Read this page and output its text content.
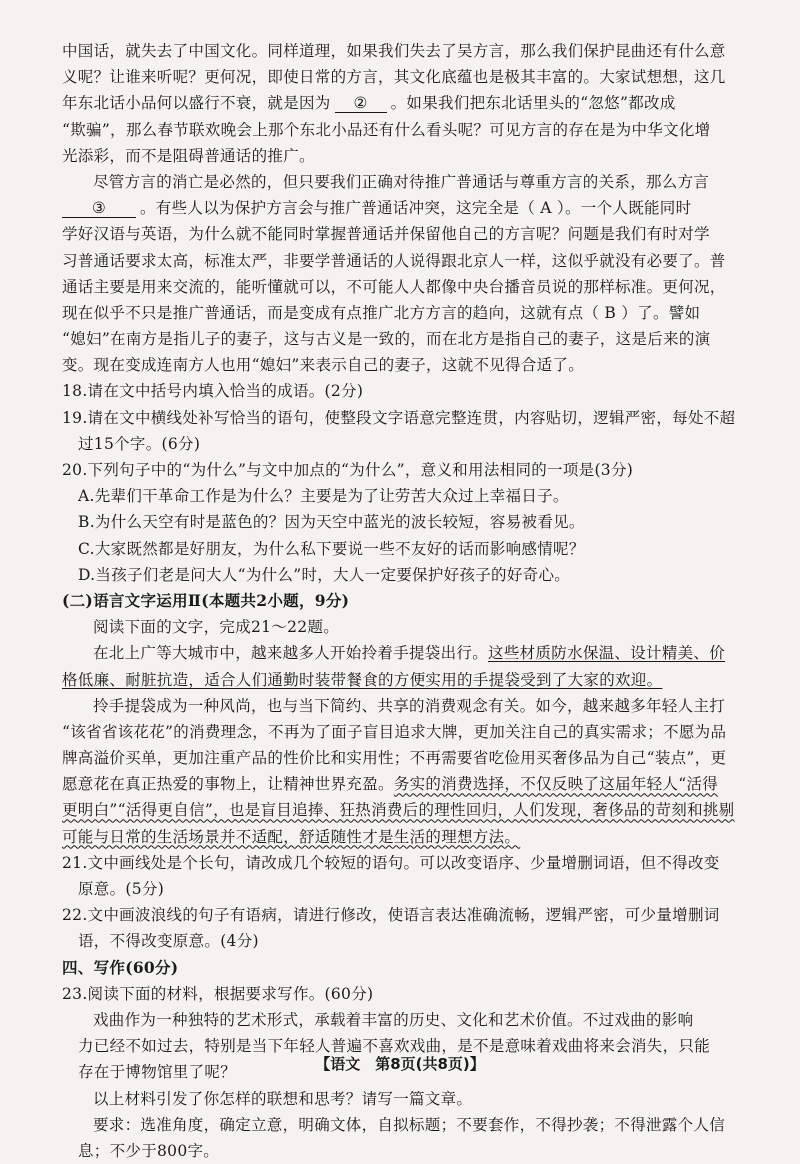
中国话，就失去了中国文化。同样道理，如果我们失去了吴方言，那么我们保护昆曲还有什么意
义呢？让谁来听呢？更何况，即使日常的方言，其文化底蕴也是极其丰富的。大家试想想，这几
年东北话小品何以盛行不衰，就是因为 ② 。如果我们把东北话里头的“忽悠”都改成
“欺骗”，那么春节联欢晚会上那个东北小品还有什么看头呢？可见方言的存在是为中华文化增
光添彩，而不是阻碍普通话的推广。
尽管方言的消亡是必然的，但只要我们正确对待推广普通话与尊重方言的关系，那么方言
③ 。有些人以为保护方言会与推广普通话冲突，这完全是（ A ）。一个人既能同时
学好汉语与英语，为什么就不能同时掌握普通话并保留他自己的方言呢？问题是我们有时对学
习普通话要求太高，标准太严，非要学普通话的人说得跟北京人一样，这似乎就没有必要了。普
通话主要是用来交流的，能听懂就可以，不可能人人都像中央台播音员说的那样标准。更何况，
现在似乎不只是推广普通话，而是变成有点推广北方方言的趋向，这就有点（ B ）了。譬如
“媳妇”在南方是指儿子的妻子，这与古义是一致的，而在北方是指自己的妻子，这是后来的演
变。现在变成连南方人也用“媳妇”来表示自己的妻子，这就不见得合适了。
18.请在文中括号内填入恰当的成语。(2分)
19.请在文中横线处补写恰当的语句，使整段文字语意完整连贯，内容贴切，逻辑严密，每处不超
过15个字。(6分)
20.下列句子中的“为什么”与文中加点的“为什么”，意义和用法相同的一项是(3分)
A.先辈们干革命工作是为什么？主要是为了让劳苦大众过上幸福日子。
B.为什么天空有时是蓝色的？因为天空中蓝光的波长较短，容易被看见。
C.大家既然都是好朋友，为什么私下要说一些不友好的话而影响感情呢？
D.当孩子们老是问大人“为什么”时，大人一定要保护好孩子的好奇心。
(二)语言文字运用Ⅱ(本题共2小题，9分)
阅读下面的文字，完成21～22题。
在北上广等大城市中，越来越多人开始拎着手提袋出行。这些材质防水保温、设计精美、价
格低廉、耐脏抗造，适合人们通勤时装带餐食的方便实用的手提袋受到了大家的欢迎。
拎手提袋成为一种风尚，也与当下简约、共享的消费观念有关。如今，越来越多年轻人主打
“该省省该花花”的消费理念，不再为了面子盲目追求大牌，更加关注自己的真实需求；不愿为品
牌高溢价买单，更加注重产品的性价比和实用性；不再需要省吃俭用买奢侈品为自己“装点”，更
愿意花在真正热爱的事物上，让精神世界充盈。务实的消费选择，不仅反映了这届年轻人“活得
更明白”“活得更自信”，也是盲目追捧、狂热消费后的理性回归，人们发现，奢侈品的苛刻和挑剔
可能与日常的生活场景并不适配，舒适随性才是生活的理想方法。
21.文中画线处是个长句，请改成几个较短的语句。可以改变语序、少量增删词语，但不得改变
原意。(5分)
22.文中画波浪线的句子有语病，请进行修改，使语言表达准确流畅，逻辑严密，可少量增删词
语，不得改变原意。(4分)
四、写作(60分)
23.阅读下面的材料，根据要求写作。(60分)
戏曲作为一种独特的艺术形式，承载着丰富的历史、文化和艺术价值。不过戏曲的影响
力已经不如过去，特别是当下年轻人普遍不喜欢戏曲，是不是意味着戏曲将来会消失，只能
存在于博物馆里了呢？
以上材料引发了你怎样的联想和思考？请写一篇文章。
要求：选准角度，确定立意，明确文体，自拟标题；不要套作，不得抄袭；不得泄露个人信
息；不少于800字。
【语文　第8页(共8页)】
